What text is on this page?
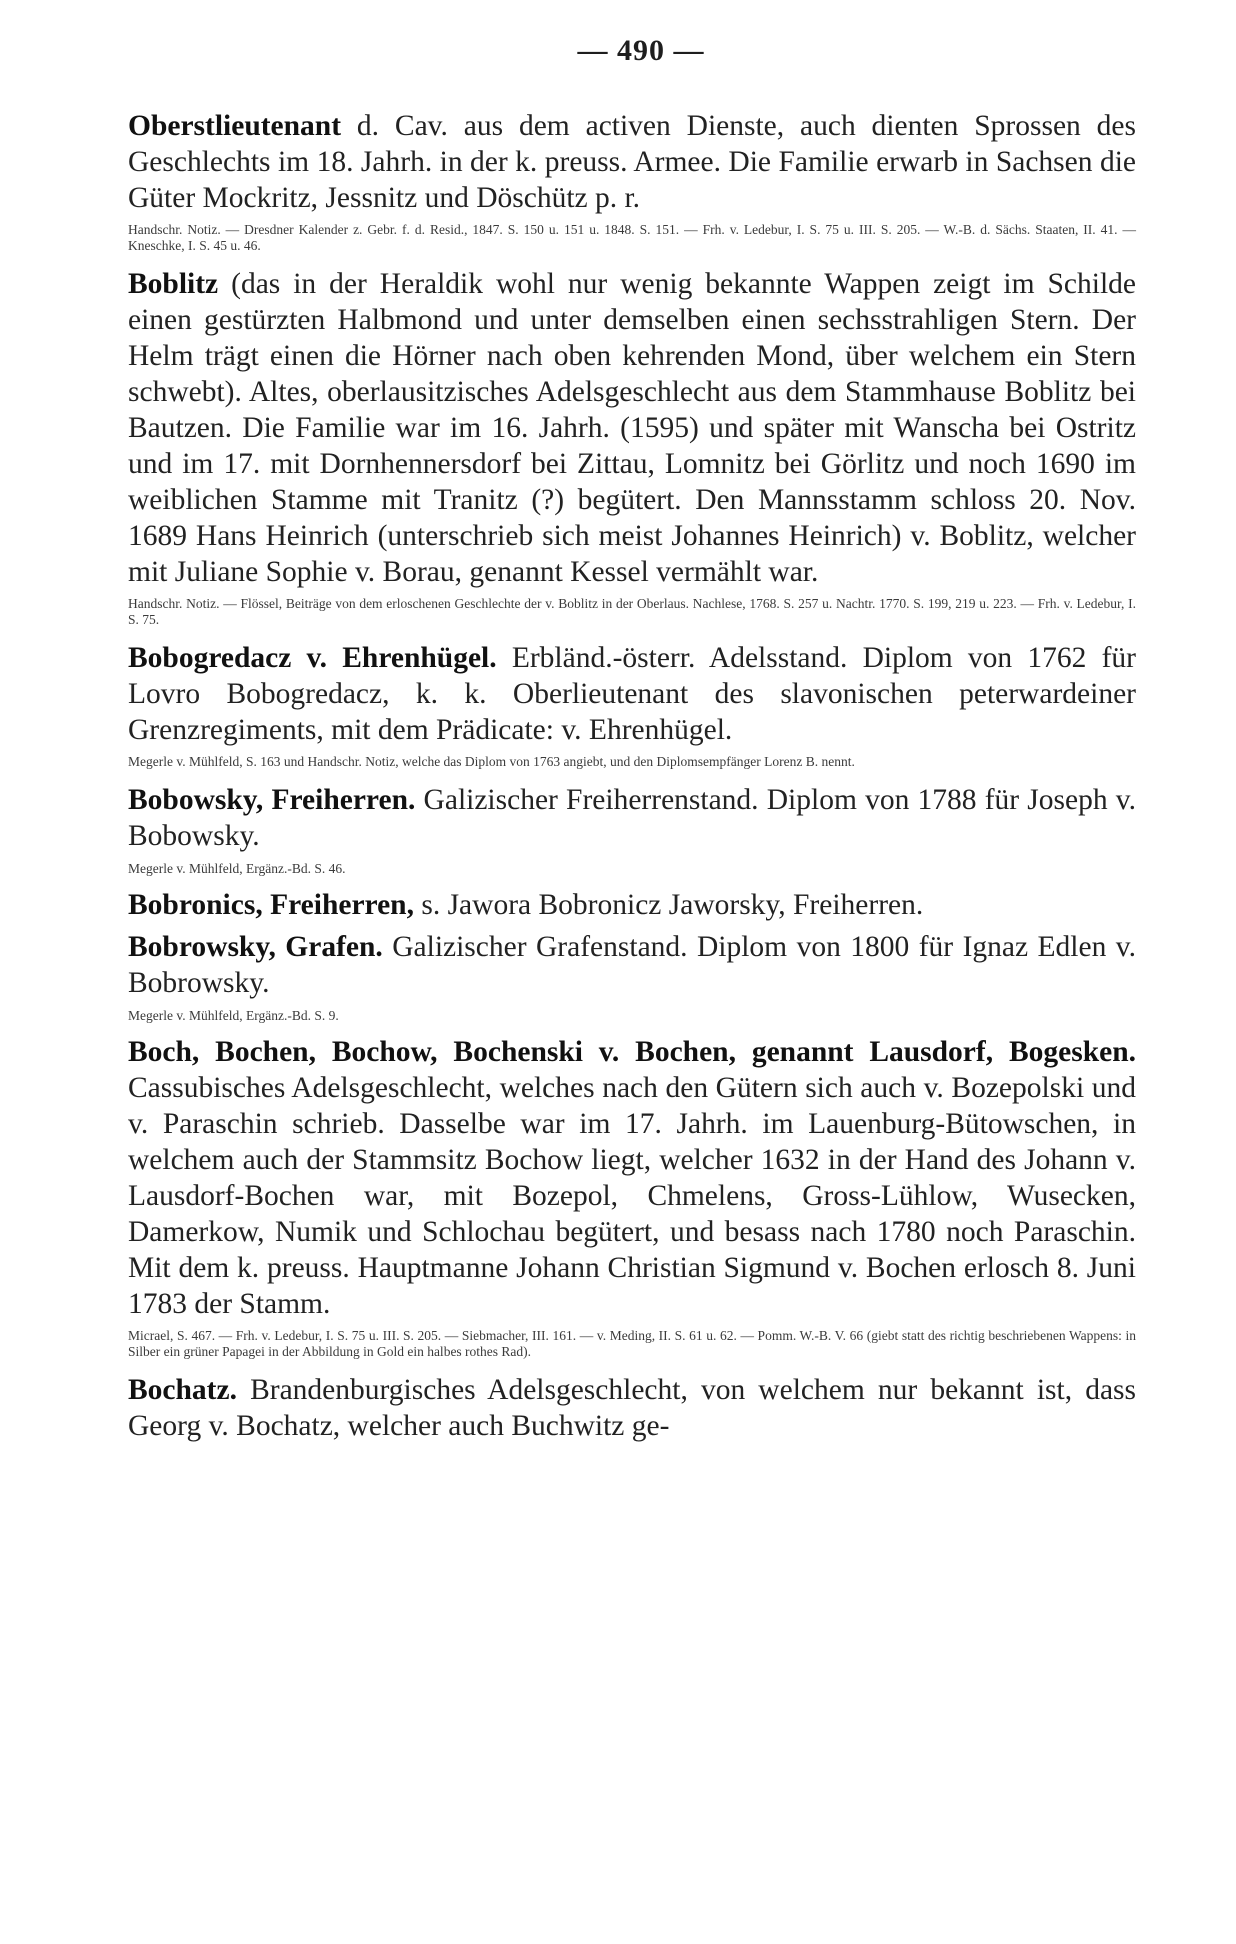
— 490 —

Oberstlieutenant d. Cav. aus dem activen Dienste, auch dienten Sprossen des Geschlechts im 18. Jahrh. in der k. preuss. Armee. Die Familie erwarb in Sachsen die Güter Mockritz, Jessnitz und Döschütz p. r.

Handschr. Notiz. — Dresdner Kalender z. Gebr. f. d. Resid., 1847. S. 150 u. 151 u. 1848. S. 151. — Frh. v. Ledebur, I. S. 75 u. III. S. 205. — W.-B. d. Sächs. Staaten, II. 41. — Kneschke, I. S. 45 u. 46.

Boblitz (das in der Heraldik wohl nur wenig bekannte Wappen zeigt im Schilde einen gestürzten Halbmond und unter demselben einen sechsstrahligen Stern. Der Helm trägt einen die Hörner nach oben kehrenden Mond, über welchem ein Stern schwebt). Altes, oberlausitzisches Adelsgeschlecht aus dem Stammhause Boblitz bei Bautzen. Die Familie war im 16. Jahrh. (1595) und später mit Wanscha bei Ostritz und im 17. mit Dornhennersdorf bei Zittau, Lomnitz bei Görlitz und noch 1690 im weiblichen Stamme mit Tranitz (?) begütert. Den Mannsstamm schloss 20. Nov. 1689 Hans Heinrich (unterschrieb sich meist Johannes Heinrich) v. Boblitz, welcher mit Juliane Sophie v. Borau, genannt Kessel vermählt war.

Handschr. Notiz. — Flössel, Beiträge von dem erloschenen Geschlechte der v. Boblitz in der Oberlaus. Nachlese, 1768. S. 257 u. Nachtr. 1770. S. 199, 219 u. 223. — Frh. v. Ledebur, I. S. 75.

Bobogredacz v. Ehrenhügel. Erbländ.-österr. Adelsstand. Diplom von 1762 für Lovro Bobogredacz, k. k. Oberlieutenant des slavonischen peterwardeiner Grenzregiments, mit dem Prädicate: v. Ehrenhügel.

Megerle v. Mühlfeld, S. 163 und Handschr. Notiz, welche das Diplom von 1763 angiebt, und den Diplomsempfänger Lorenz B. nennt.

Bobowsky, Freiherren. Galizischer Freiherrenstand. Diplom von 1788 für Joseph v. Bobowsky.

Megerle v. Mühlfeld, Ergänz.-Bd. S. 46.

Bobronics, Freiherren, s. Jawora Bobronicz Jaworsky, Freiherren.

Bobrowsky, Grafen. Galizischer Grafenstand. Diplom von 1800 für Ignaz Edlen v. Bobrowsky.

Megerle v. Mühlfeld, Ergänz.-Bd. S. 9.

Boch, Bochen, Bochow, Bochenski v. Bochen, genannt Lausdorf, Bogesken. Cassubisches Adelsgeschlecht, welches nach den Gütern sich auch v. Bozepolski und v. Paraschin schrieb. Dasselbe war im 17. Jahrh. im Lauenburg-Bütowschen, in welchem auch der Stammsitz Bochow liegt, welcher 1632 in der Hand des Johann v. Lausdorf-Bochen war, mit Bozepol, Chmelens, Gross-Lühlow, Wusecken, Damerkow, Numik und Schlochau begütert, und besass nach 1780 noch Paraschin. Mit dem k. preuss. Hauptmanne Johann Christian Sigmund v. Bochen erlosch 8. Juni 1783 der Stamm.

Micrael, S. 467. — Frh. v. Ledebur, I. S. 75 u. III. S. 205. — Siebmacher, III. 161. — v. Meding, II. S. 61 u. 62. — Pomm. W.-B. V. 66 (giebt statt des richtig beschriebenen Wappens: in Silber ein grüner Papagei in der Abbildung in Gold ein halbes rothes Rad).

Bochatz. Brandenburgisches Adelsgeschlecht, von welchem nur bekannt ist, dass Georg v. Bochatz, welcher auch Buchwitz ge-
